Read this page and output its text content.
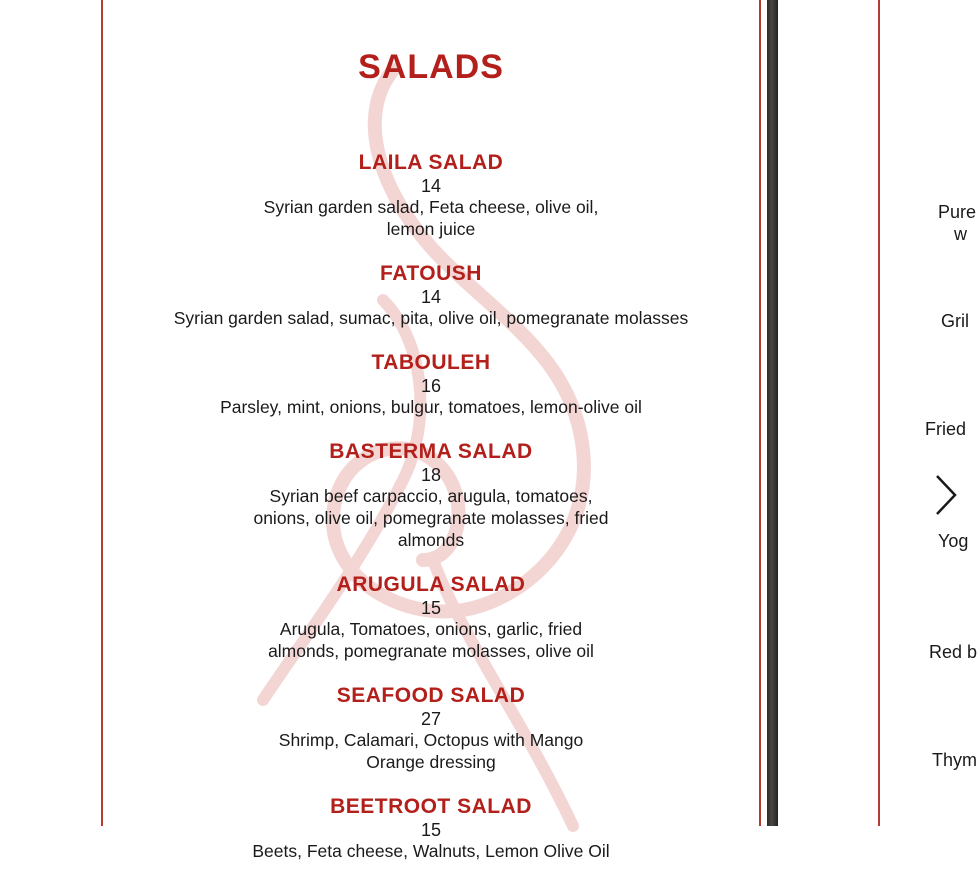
SALADS
LAILA SALAD
14
Syrian garden salad, Feta cheese, olive oil, lemon juice
FATOUSH
14
Syrian garden salad, sumac, pita, olive oil, pomegranate molasses
TABOULEH
16
Parsley, mint, onions, bulgur, tomatoes, lemon-olive oil
BASTERMA SALAD
18
Syrian beef carpaccio, arugula, tomatoes, onions, olive oil, pomegranate molasses, fried almonds
ARUGULA SALAD
15
Arugula, Tomatoes, onions, garlic, fried almonds, pomegranate molasses, olive oil
SEAFOOD SALAD
27
Shrimp, Calamari, Octopus with Mango Orange dressing
BEETROOT SALAD
15
Beets, Feta cheese, Walnuts, Lemon Olive Oil
Pure
w
Gril
Fried
Yog
Red b
Thym
